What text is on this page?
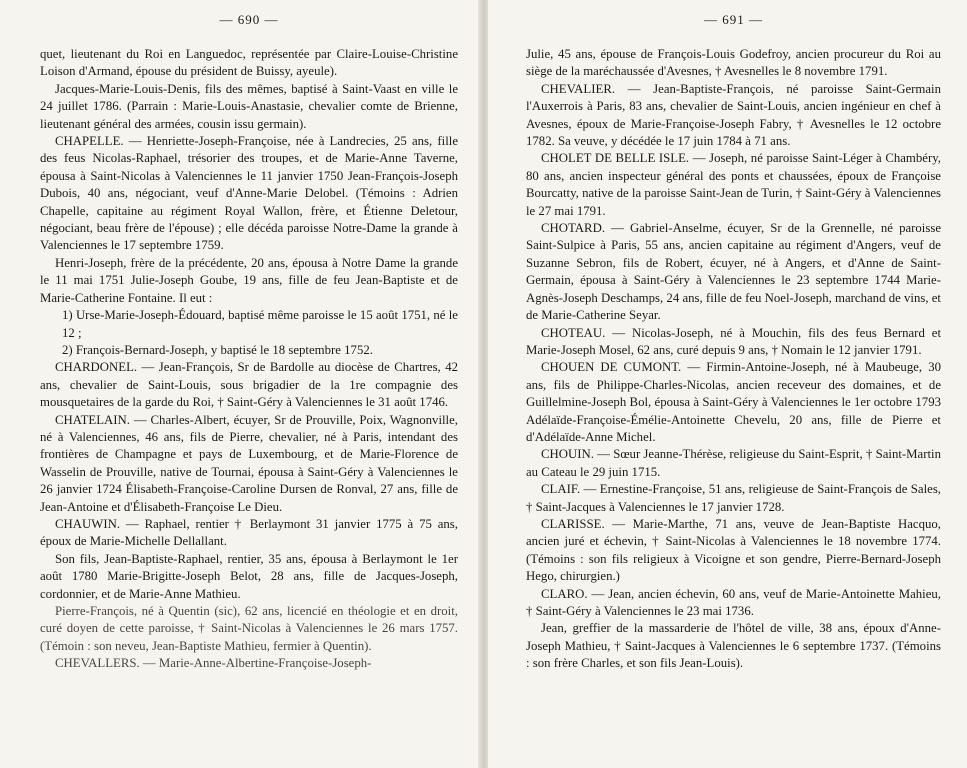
— 690 —

quet, lieutenant du Roi en Languedoc, représentée par Claire-Louise-Christine Loison d'Armand, épouse du président de Buissy, ayeule).

Jacques-Marie-Louis-Denis, fils des mêmes, baptisé à Saint-Vaast en ville le 24 juillet 1786. (Parrain : Marie-Louis-Anastasie, chevalier comte de Brienne, lieutenant général des armées, cousin issu germain).

CHAPELLE. — Henriette-Joseph-Françoise, née à Landrecies, 25 ans, fille des feus Nicolas-Raphael, trésorier des troupes, et de Marie-Anne Taverne, épousa à Saint-Nicolas à Valenciennes le 11 janvier 1750 Jean-François-Joseph Dubois, 40 ans, négociant, veuf d'Anne-Marie Delobel. (Témoins : Adrien Chapelle, capitaine au régiment Royal Wallon, frère, et Étienne Deletour, négociant, beau frère de l'épouse) ; elle décéda paroisse Notre-Dame la grande à Valenciennes le 17 septembre 1759.

Henri-Joseph, frère de la précédente, 20 ans, épousa à Notre Dame la grande le 11 mai 1751 Julie-Joseph Goube, 19 ans, fille de feu Jean-Baptiste et de Marie-Catherine Fontaine. Il eut :

1) Urse-Marie-Joseph-Édouard, baptisé même paroisse le 15 août 1751, né le 12 ;

2) François-Bernard-Joseph, y baptisé le 18 septembre 1752.

CHARDONEL. — Jean-François, Sr de Bardolle au diocèse de Chartres, 42 ans, chevalier de Saint-Louis, sous brigadier de la 1re compagnie des mousquetaires de la garde du Roi, † Saint-Géry à Valenciennes le 31 août 1746.

CHATELAIN. — Charles-Albert, écuyer, Sr de Prouville, Poix, Wagnonville, né à Valenciennes, 46 ans, fils de Pierre, chevalier, né à Paris, intendant des frontières de Champagne et pays de Luxembourg, et de Marie-Florence de Wasselin de Prouville, native de Tournai, épousa à Saint-Géry à Valenciennes le 26 janvier 1724 Élisabeth-Françoise-Caroline Dursen de Ronval, 27 ans, fille de Jean-Antoine et d'Élisabeth-Françoise Le Dieu.

CHAUWIN. — Raphael, rentier † Berlaymont 31 janvier 1775 à 75 ans, époux de Marie-Michelle Dellallant.

Son fils, Jean-Baptiste-Raphael, rentier, 35 ans, épousa à Berlaymont le 1er août 1780 Marie-Brigitte-Joseph Belot, 28 ans, fille de Jacques-Joseph, cordonnier, et de Marie-Anne Mathieu.

Pierre-François, né à Quentin (sic), 62 ans, licencié en théologie et en droit, curé doyen de cette paroisse, † Saint-Nicolas à Valenciennes le 26 mars 1757. (Témoin : son neveu, Jean-Baptiste Mathieu, fermier à Quentin).

CHEVALLERS. — Marie-Anne-Albertine-Françoise-Joseph-

— 691 —

Julie, 45 ans, épouse de François-Louis Godefroy, ancien procureur du Roi au siège de la maréchaussée d'Avesnes, † Avesnelles le 8 novembre 1791.

CHEVALIER. — Jean-Baptiste-François, né paroisse Saint-Germain l'Auxerrois à Paris, 83 ans, chevalier de Saint-Louis, ancien ingénieur en chef à Avesnes, époux de Marie-Françoise-Joseph Fabry, † Avesnelles le 12 octobre 1782. Sa veuve, y décédée le 17 juin 1784 à 71 ans.

CHOLET DE BELLE ISLE. — Joseph, né paroisse Saint-Léger à Chambéry, 80 ans, ancien inspecteur général des ponts et chaussées, époux de Françoise Bourcatty, native de la paroisse Saint-Jean de Turin, † Saint-Géry à Valenciennes le 27 mai 1791.

CHOTARD. — Gabriel-Anselme, écuyer, Sr de la Grennelle, né paroisse Saint-Sulpice à Paris, 55 ans, ancien capitaine au régiment d'Angers, veuf de Suzanne Sebron, fils de Robert, écuyer, né à Angers, et d'Anne de Saint-Germain, épousa à Saint-Géry à Valenciennes le 23 septembre 1744 Marie-Agnès-Joseph Deschamps, 24 ans, fille de feu Noel-Joseph, marchand de vins, et de Marie-Catherine Seyar.

CHOTEAU. — Nicolas-Joseph, né à Mouchin, fils des feus Bernard et Marie-Joseph Mosel, 62 ans, curé depuis 9 ans, † Nomain le 12 janvier 1791.

CHOUEN DE CUMONT. — Firmin-Antoine-Joseph, né à Maubeuge, 30 ans, fils de Philippe-Charles-Nicolas, ancien receveur des domaines, et de Guillelmine-Joseph Bol, épousa à Saint-Géry à Valenciennes le 1er octobre 1793 Adélaïde-Françoise-Émélie-Antoinette Chevelu, 20 ans, fille de Pierre et d'Adélaïde-Anne Michel.

CHOUIN. — Sœur Jeanne-Thérèse, religieuse du Saint-Esprit, † Saint-Martin au Cateau le 29 juin 1715.

CLAIF. — Ernestine-Françoise, 51 ans, religieuse de Saint-François de Sales, † Saint-Jacques à Valenciennes le 17 janvier 1728.

CLARISSE. — Marie-Marthe, 71 ans, veuve de Jean-Baptiste Hacquo, ancien juré et échevin, † Saint-Nicolas à Valenciennes le 18 novembre 1774. (Témoins : son fils religieux à Vicoigne et son gendre, Pierre-Bernard-Joseph Hego, chirurgien.)

CLARO. — Jean, ancien échevin, 60 ans, veuf de Marie-Antoinette Mahieu, † Saint-Géry à Valenciennes le 23 mai 1736.

Jean, greffier de la massarderie de l'hôtel de ville, 38 ans, époux d'Anne-Joseph Mathieu, † Saint-Jacques à Valenciennes le 6 septembre 1737. (Témoins : son frère Charles, et son fils Jean-Louis).
